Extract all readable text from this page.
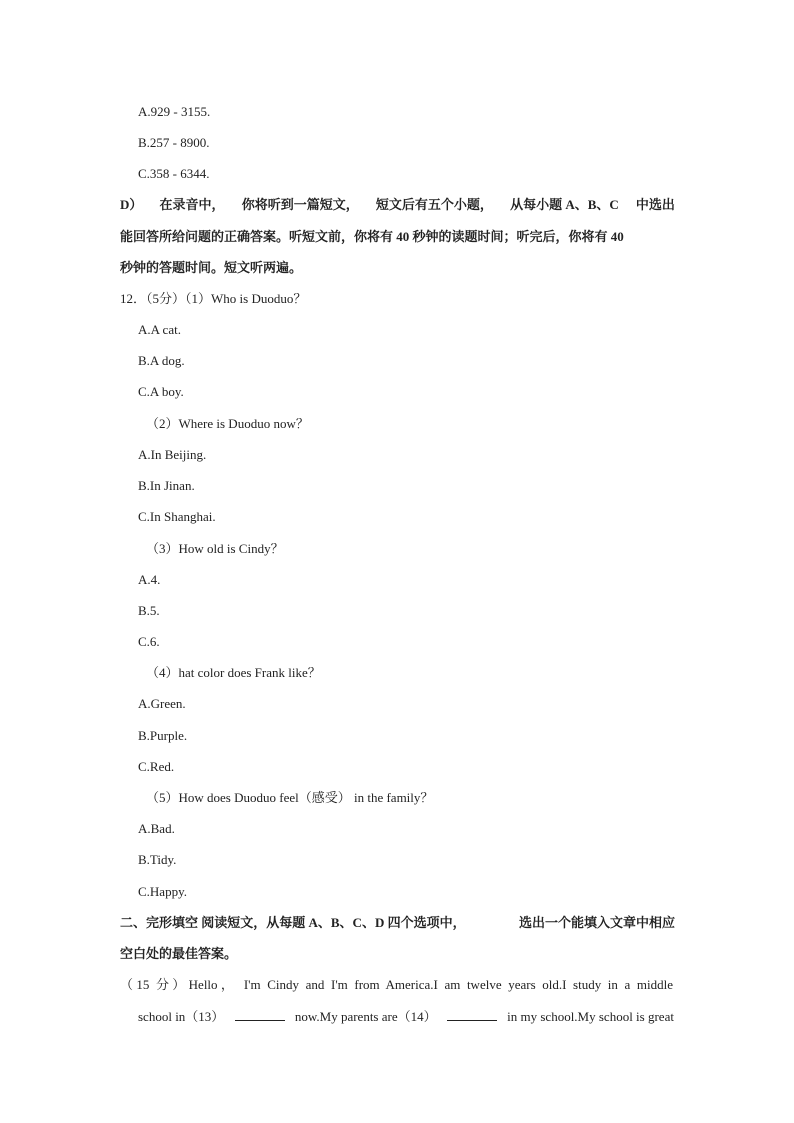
A.929 - 3155.
B.257 - 8900.
C.358 - 6344.
D） 在录音中， 你将听到一篇短文， 短文后有五个小题， 从每小题 A、B、C 中选出
能回答所给问题的正确答案。听短文前，你将有 40 秒钟的读题时间；听完后，你将有 40
秒钟的答题时间。短文听两遍。
12．（5分）（1）Who is Duoduo？
A.A cat.
B.A dog.
C.A boy.
（2）Where is Duoduo now？
A.In Beijing.
B.In Jinan.
C.In Shanghai.
（3）How old is Cindy？
A.4.
B.5.
C.6.
（4）hat color does Frank like？
A.Green.
B.Purple.
C.Red.
（5）How does Duoduo feel（感受） in the family？
A.Bad.
B.Tidy.
C.Happy.
二、完形填空 阅读短文，从每题 A、B、C、D 四个选项中，	选出一个能填入文章中相应
空白处的最佳答案。
（15 分）Hello， I'm Cindy and I'm from America.I am twelve years old.I study in a middle
school in（13）	now.My parents are（14）	in my school.My school is great
